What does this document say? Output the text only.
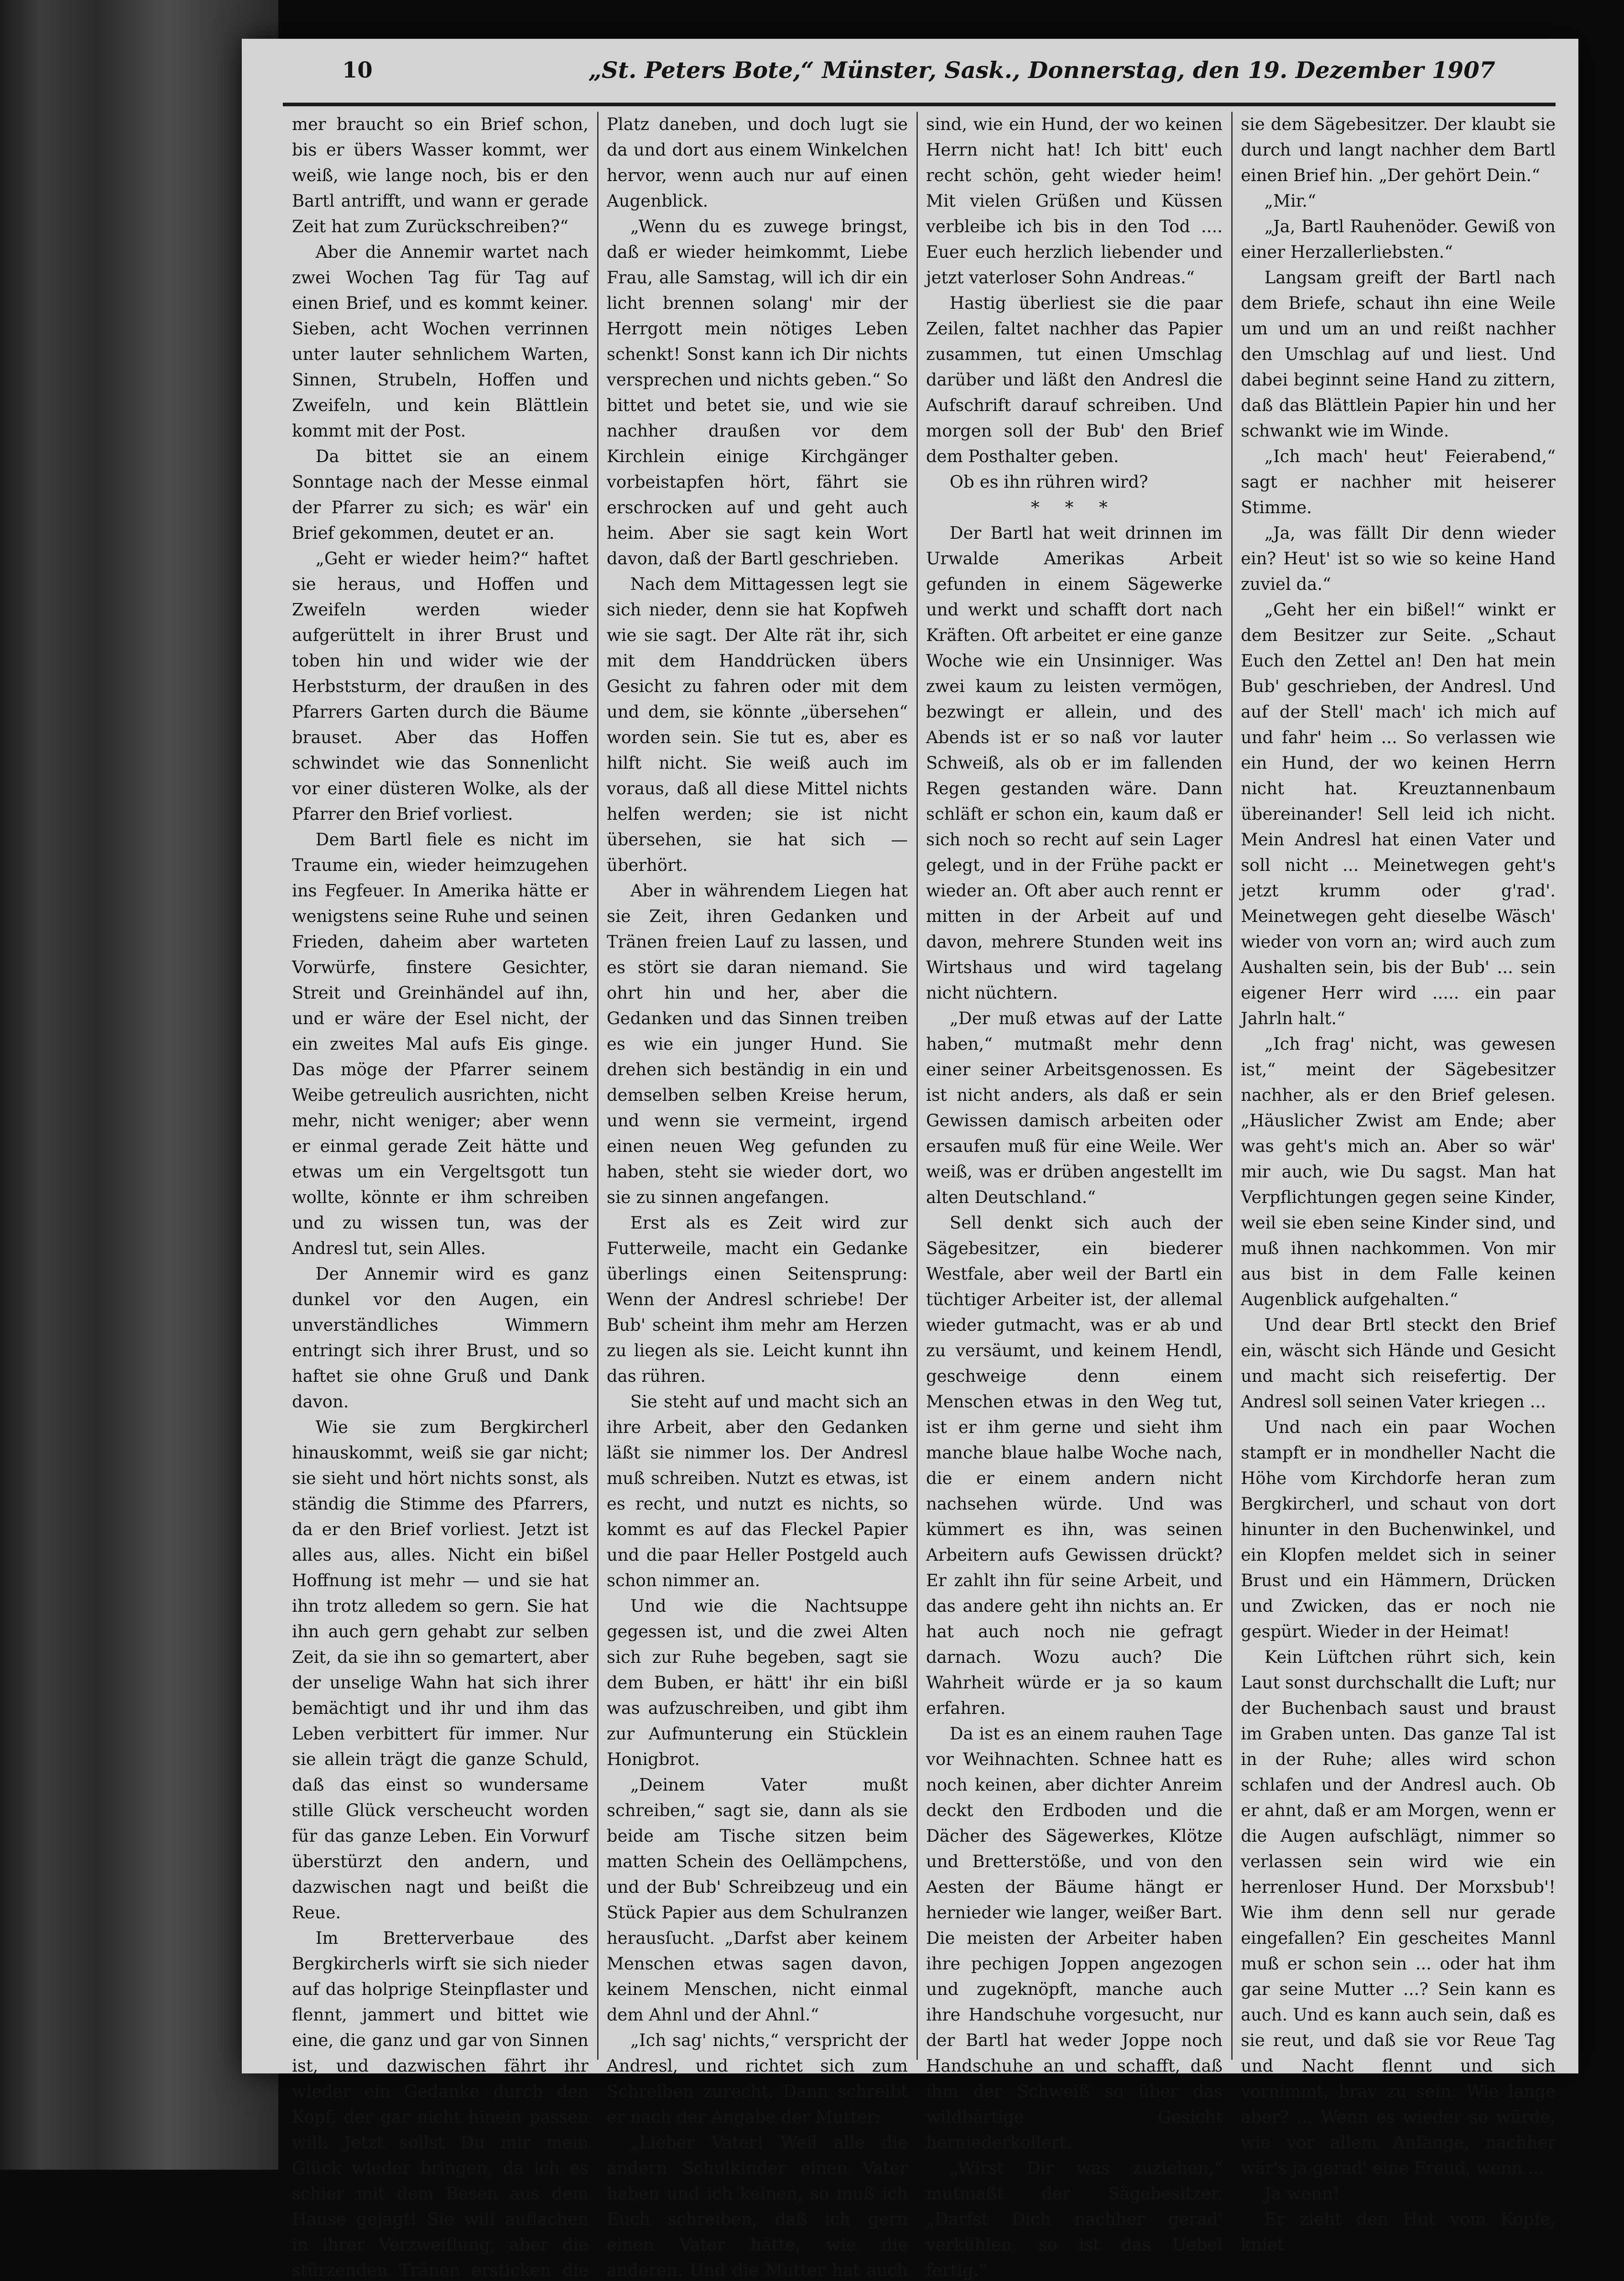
10	„St. Peters Bote,“ Münster, Sask., Donnerstag, den 19. Dezember 1907

mer braucht so ein Brief schon, bis er übers Wasser kommt, wer weiß, wie lange noch, bis er den Bartl antrifft, und wann er gerade Zeit hat zum Zurückschreiben?“

Aber die Annemir wartet nach zwei Wochen Tag für Tag auf einen Brief, und es kommt keiner. Sieben, acht Wochen verrinnen unter lauter sehnlichem Warten, Sinnen, Strubeln, Hoffen und Zweifeln, und kein Blättlein kommt mit der Post.

Da bittet sie an einem Sonntage nach der Messe einmal der Pfarrer zu sich; es wär' ein Brief gekommen, deutet er an.

„Geht er wieder heim?“ haftet sie heraus, und Hoffen und Zweifeln werden wieder aufgerüttelt in ihrer Brust und toben hin und wider wie der Herbststurm, der draußen in des Pfarrers Garten durch die Bäume brauset. Aber das Hoffen schwindet wie das Sonnenlicht vor einer düsteren Wolke, als der Pfarrer den Brief vorliest.

Dem Bartl fiele es nicht im Traume ein, wieder heimzugehen ins Fegfeuer. In Amerika hätte er wenigstens seine Ruhe und seinen Frieden, daheim aber warteten Vorwürfe, finstere Gesichter, Streit und Greinhändel auf ihn, und er wäre der Esel nicht, der ein zweites Mal aufs Eis ginge. Das möge der Pfarrer seinem Weibe getreulich ausrichten, nicht mehr, nicht weniger; aber wenn er einmal gerade Zeit hätte und etwas um ein Vergeltsgott tun wollte, könnte er ihm schreiben und zu wissen tun, was der Andresl tut, sein Alles.

Der Annemir wird es ganz dunkel vor den Augen, ein unverständliches Wimmern entringt sich ihrer Brust, und so haftet sie ohne Gruß und Dank davon.

Wie sie zum Bergkircherl hinauskommt, weiß sie gar nicht; sie sieht und hört nichts sonst, als ständig die Stimme des Pfarrers, da er den Brief vorliest. Jetzt ist alles aus, alles. Nicht ein bißel Hoffnung ist mehr — und sie hat ihn trotz alledem so gern. Sie hat ihn auch gern gehabt zur selben Zeit, da sie ihn so gemartert, aber der unselige Wahn hat sich ihrer bemächtigt und ihr und ihm das Leben verbittert für immer. Nur sie allein trägt die ganze Schuld, daß das einst so wundersame stille Glück verscheucht worden für das ganze Leben. Ein Vorwurf überstürzt den andern, und dazwischen nagt und beißt die Reue.

Im Bretterverbaue des Bergkircherls wirft sie sich nieder auf das holprige Steinpflaster und flennt, jammert und bittet wie eine, die ganz und gar von Sinnen ist, und dazwischen fährt ihr wieder ein Gedanke durch den Kopf, der gar nicht hinein passen will: Jetzt sollst Du mir mein Glück wieder bringen, da ich es schier mit dem Besen aus dem Hause gejagt! Sie will auflachen in ihrer Verzweiflung, aber die stürzenden Tränen ersticken die

Platz daneben, und doch lugt sie da und dort aus einem Winkelchen hervor, wenn auch nur auf einen Augenblick.

„Wenn du es zuwege bringst, daß er wieder heimkommt, Liebe Frau, alle Samstag, will ich dir ein licht brennen solang' mir der Herrgott mein nötiges Leben schenkt! Sonst kann ich Dir nichts versprechen und nichts geben.“ So bittet und betet sie, und wie sie nachher draußen vor dem Kirchlein einige Kirchgänger vorbeistapfen hört, fährt sie erschrocken auf und geht auch heim. Aber sie sagt kein Wort davon, daß der Bartl geschrieben.

Nach dem Mittagessen legt sie sich nieder, denn sie hat Kopfweh wie sie sagt. Der Alte rät ihr, sich mit dem Handdrücken übers Gesicht zu fahren oder mit dem und dem, sie könnte „übersehen“ worden sein. Sie tut es, aber es hilft nicht. Sie weiß auch im voraus, daß all diese Mittel nichts helfen werden; sie ist nicht übersehen, sie hat sich — überhört.

Aber in währendem Liegen hat sie Zeit, ihren Gedanken und Tränen freien Lauf zu lassen, und es stört sie daran niemand. Sie ohrt hin und her, aber die Gedanken und das Sinnen treiben es wie ein junger Hund. Sie drehen sich beständig in ein und demselben selben Kreise herum, und wenn sie vermeint, irgend einen neuen Weg gefunden zu haben, steht sie wieder dort, wo sie zu sinnen angefangen.

Erst als es Zeit wird zur Futterweile, macht ein Gedanke überlings einen Seitensprung: Wenn der Andresl schriebe! Der Bub' scheint ihm mehr am Herzen zu liegen als sie. Leicht kunnt ihn das rühren.

Sie steht auf und macht sich an ihre Arbeit, aber den Gedanken läßt sie nimmer los. Der Andresl muß schreiben. Nutzt es etwas, ist es recht, und nutzt es nichts, so kommt es auf das Fleckel Papier und die paar Heller Postgeld auch schon nimmer an.

Und wie die Nachtsuppe gegessen ist, und die zwei Alten sich zur Ruhe begeben, sagt sie dem Buben, er hätt' ihr ein bißl was aufzuschreiben, und gibt ihm zur Aufmunterung ein Stücklein Honigbrot.

„Deinem Vater mußt schreiben,“ sagt sie, dann als sie beide am Tische sitzen beim matten Schein des Oellämpchens, und der Bub' Schreibzeug und ein Stück Papier aus dem Schulranzen herausſucht. „Darfst aber keinem Menschen etwas sagen davon, keinem Menschen, nicht einmal dem Ahnl und der Ahnl.“

„Ich sag' nichts,“ verspricht der Andresl, und richtet sich zum Schreiben zurecht. Dann schreibt er nach der Angabe der Mutter:

„Lieber Vater! Weil alle die andern Schulkinder einen Vater haben und ich keinen, so muß ich Euch schreiben, daß ich gern einen Vater hätte, wie die anderen. Und die Mutter hat auch

sind, wie ein Hund, der wo keinen Herrn nicht hat! Ich bitt' euch recht schön, geht wieder heim! Mit vielen Grüßen und Küssen verbleibe ich bis in den Tod .... Euer euch herzlich liebender und jetzt vaterloser Sohn Andreas.“

Hastig überliest sie die paar Zeilen, faltet nachher das Papier zusammen, tut einen Umschlag darüber und läßt den Andresl die Aufschrift darauf schreiben. Und morgen soll der Bub' den Brief dem Posthalter geben.

Ob es ihn rühren wird?

* * *

Der Bartl hat weit drinnen im Urwalde Amerikas Arbeit gefunden in einem Sägewerke und werkt und schafft dort nach Kräften. Oft arbeitet er eine ganze Woche wie ein Unsinniger. Was zwei kaum zu leisten vermögen, bezwingt er allein, und des Abends ist er so naß vor lauter Schweiß, als ob er im fallenden Regen gestanden wäre. Dann schläft er schon ein, kaum daß er sich noch so recht auf sein Lager gelegt, und in der Frühe packt er wieder an. Oft aber auch rennt er mitten in der Arbeit auf und davon, mehrere Stunden weit ins Wirtshaus und wird tagelang nicht nüchtern.

„Der muß etwas auf der Latte haben,“ mutmaßt mehr denn einer seiner Arbeitsgenossen. Es ist nicht anders, als daß er sein Gewissen damisch arbeiten oder ersaufen muß für eine Weile. Wer weiß, was er drüben angestellt im alten Deutschland.“

Sell denkt sich auch der Sägebesitzer, ein biederer Westfale, aber weil der Bartl ein tüchtiger Arbeiter ist, der allemal wieder gutmacht, was er ab und zu versäumt, und keinem Hendl, geschweige denn einem Menschen etwas in den Weg tut, ist er ihm gerne und sieht ihm manche blaue halbe Woche nach, die er einem andern nicht nachsehen würde. Und was kümmert es ihn, was seinen Arbeitern aufs Gewissen drückt? Er zahlt ihn für seine Arbeit, und das andere geht ihn nichts an. Er hat auch noch nie gefragt darnach. Wozu auch? Die Wahrheit würde er ja so kaum erfahren.

Da ist es an einem rauhen Tage vor Weihnachten. Schnee hatt es noch keinen, aber dichter Anreim deckt den Erdboden und die Dächer des Sägewerkes, Klötze und Bretterstöße, und von den Aesten der Bäume hängt er hernieder wie langer, weißer Bart. Die meisten der Arbeiter haben ihre pechigen Joppen angezogen und zugeknöpft, manche auch ihre Handschuhe vorgesucht, nur der Bartl hat weder Joppe noch Handschuhe an und schafft, daß ihm der Schweiß so über das wildbärtige Gesicht herniederkollert.

„Wirst Dir was zuziehen,“ mutmaßt der Sägebesitzer. „Darfst Dich nachher gerad' verkühlen, so ist das Uebel fertig.“

sie dem Sägebesitzer. Der klaubt sie durch und langt nachher dem Bartl einen Brief hin. „Der gehört Dein.“

„Mir.“

„Ja, Bartl Rauhenöder. Gewiß von einer Herzallerliebsten.“

Langsam greift der Bartl nach dem Briefe, schaut ihn eine Weile um und um an und reißt nachher den Umschlag auf und liest. Und dabei beginnt seine Hand zu zittern, daß das Blättlein Papier hin und her schwankt wie im Winde.

„Ich mach' heut' Feierabend,“ sagt er nachher mit heiserer Stimme.

„Ja, was fällt Dir denn wieder ein? Heut' ist so wie so keine Hand zuviel da.“

„Geht her ein bißel!“ winkt er dem Besitzer zur Seite. „Schaut Euch den Zettel an! Den hat mein Bub' geschrieben, der Andresl. Und auf der Stell' mach' ich mich auf und fahr' heim ... So verlassen wie ein Hund, der wo keinen Herrn nicht hat. Kreuztannenbaum übereinander! Sell leid ich nicht. Mein Andresl hat einen Vater und soll nicht ... Meinetwegen geht's jetzt krumm oder g'rad'. Meinetwegen geht dieselbe Wäsch' wieder von vorn an; wird auch zum Aushalten sein, bis der Bub' ... sein eigener Herr wird ..... ein paar Jahrln halt.“

„Ich frag' nicht, was gewesen ist,“ meint der Sägebesitzer nachher, als er den Brief gelesen. „Häuslicher Zwist am Ende; aber was geht's mich an. Aber so wär' mir auch, wie Du sagst. Man hat Verpflichtungen gegen seine Kinder, weil sie eben seine Kinder sind, und muß ihnen nachkommen. Von mir aus bist in dem Falle keinen Augenblick aufgehalten.“

Und dear Brtl steckt den Brief ein, wäscht sich Hände und Gesicht und macht sich reisefertig. Der Andresl soll seinen Vater kriegen ...

Und nach ein paar Wochen stampft er in mondheller Nacht die Höhe vom Kirchdorfe heran zum Bergkircherl, und schaut von dort hinunter in den Buchenwinkel, und ein Klopfen meldet sich in seiner Brust und ein Hämmern, Drücken und Zwicken, das er noch nie gespürt. Wieder in der Heimat!

Kein Lüftchen rührt sich, kein Laut sonst durchschallt die Luft; nur der Buchenbach saust und braust im Graben unten. Das ganze Tal ist in der Ruhe; alles wird schon schlafen und der Andresl auch. Ob er ahnt, daß er am Morgen, wenn er die Augen aufschlägt, nimmer so verlassen sein wird wie ein herrenloser Hund. Der Morxsbub'! Wie ihm denn sell nur gerade eingefallen? Ein gescheites Mannl muß er schon sein ... oder hat ihm gar seine Mutter ...? Sein kann es auch. Und es kann auch sein, daß es sie reut, und daß sie vor Reue Tag und Nacht flennt und sich vornimmt, brav zu sein. Wie lange aber? ... Wenn es wieder so würde, wie vor allem Anfange, nachher wär's ja gerad' eine Freud, wenn ...

Ja wenn!

Er zieht den Hut vom Kopfe, kniet
